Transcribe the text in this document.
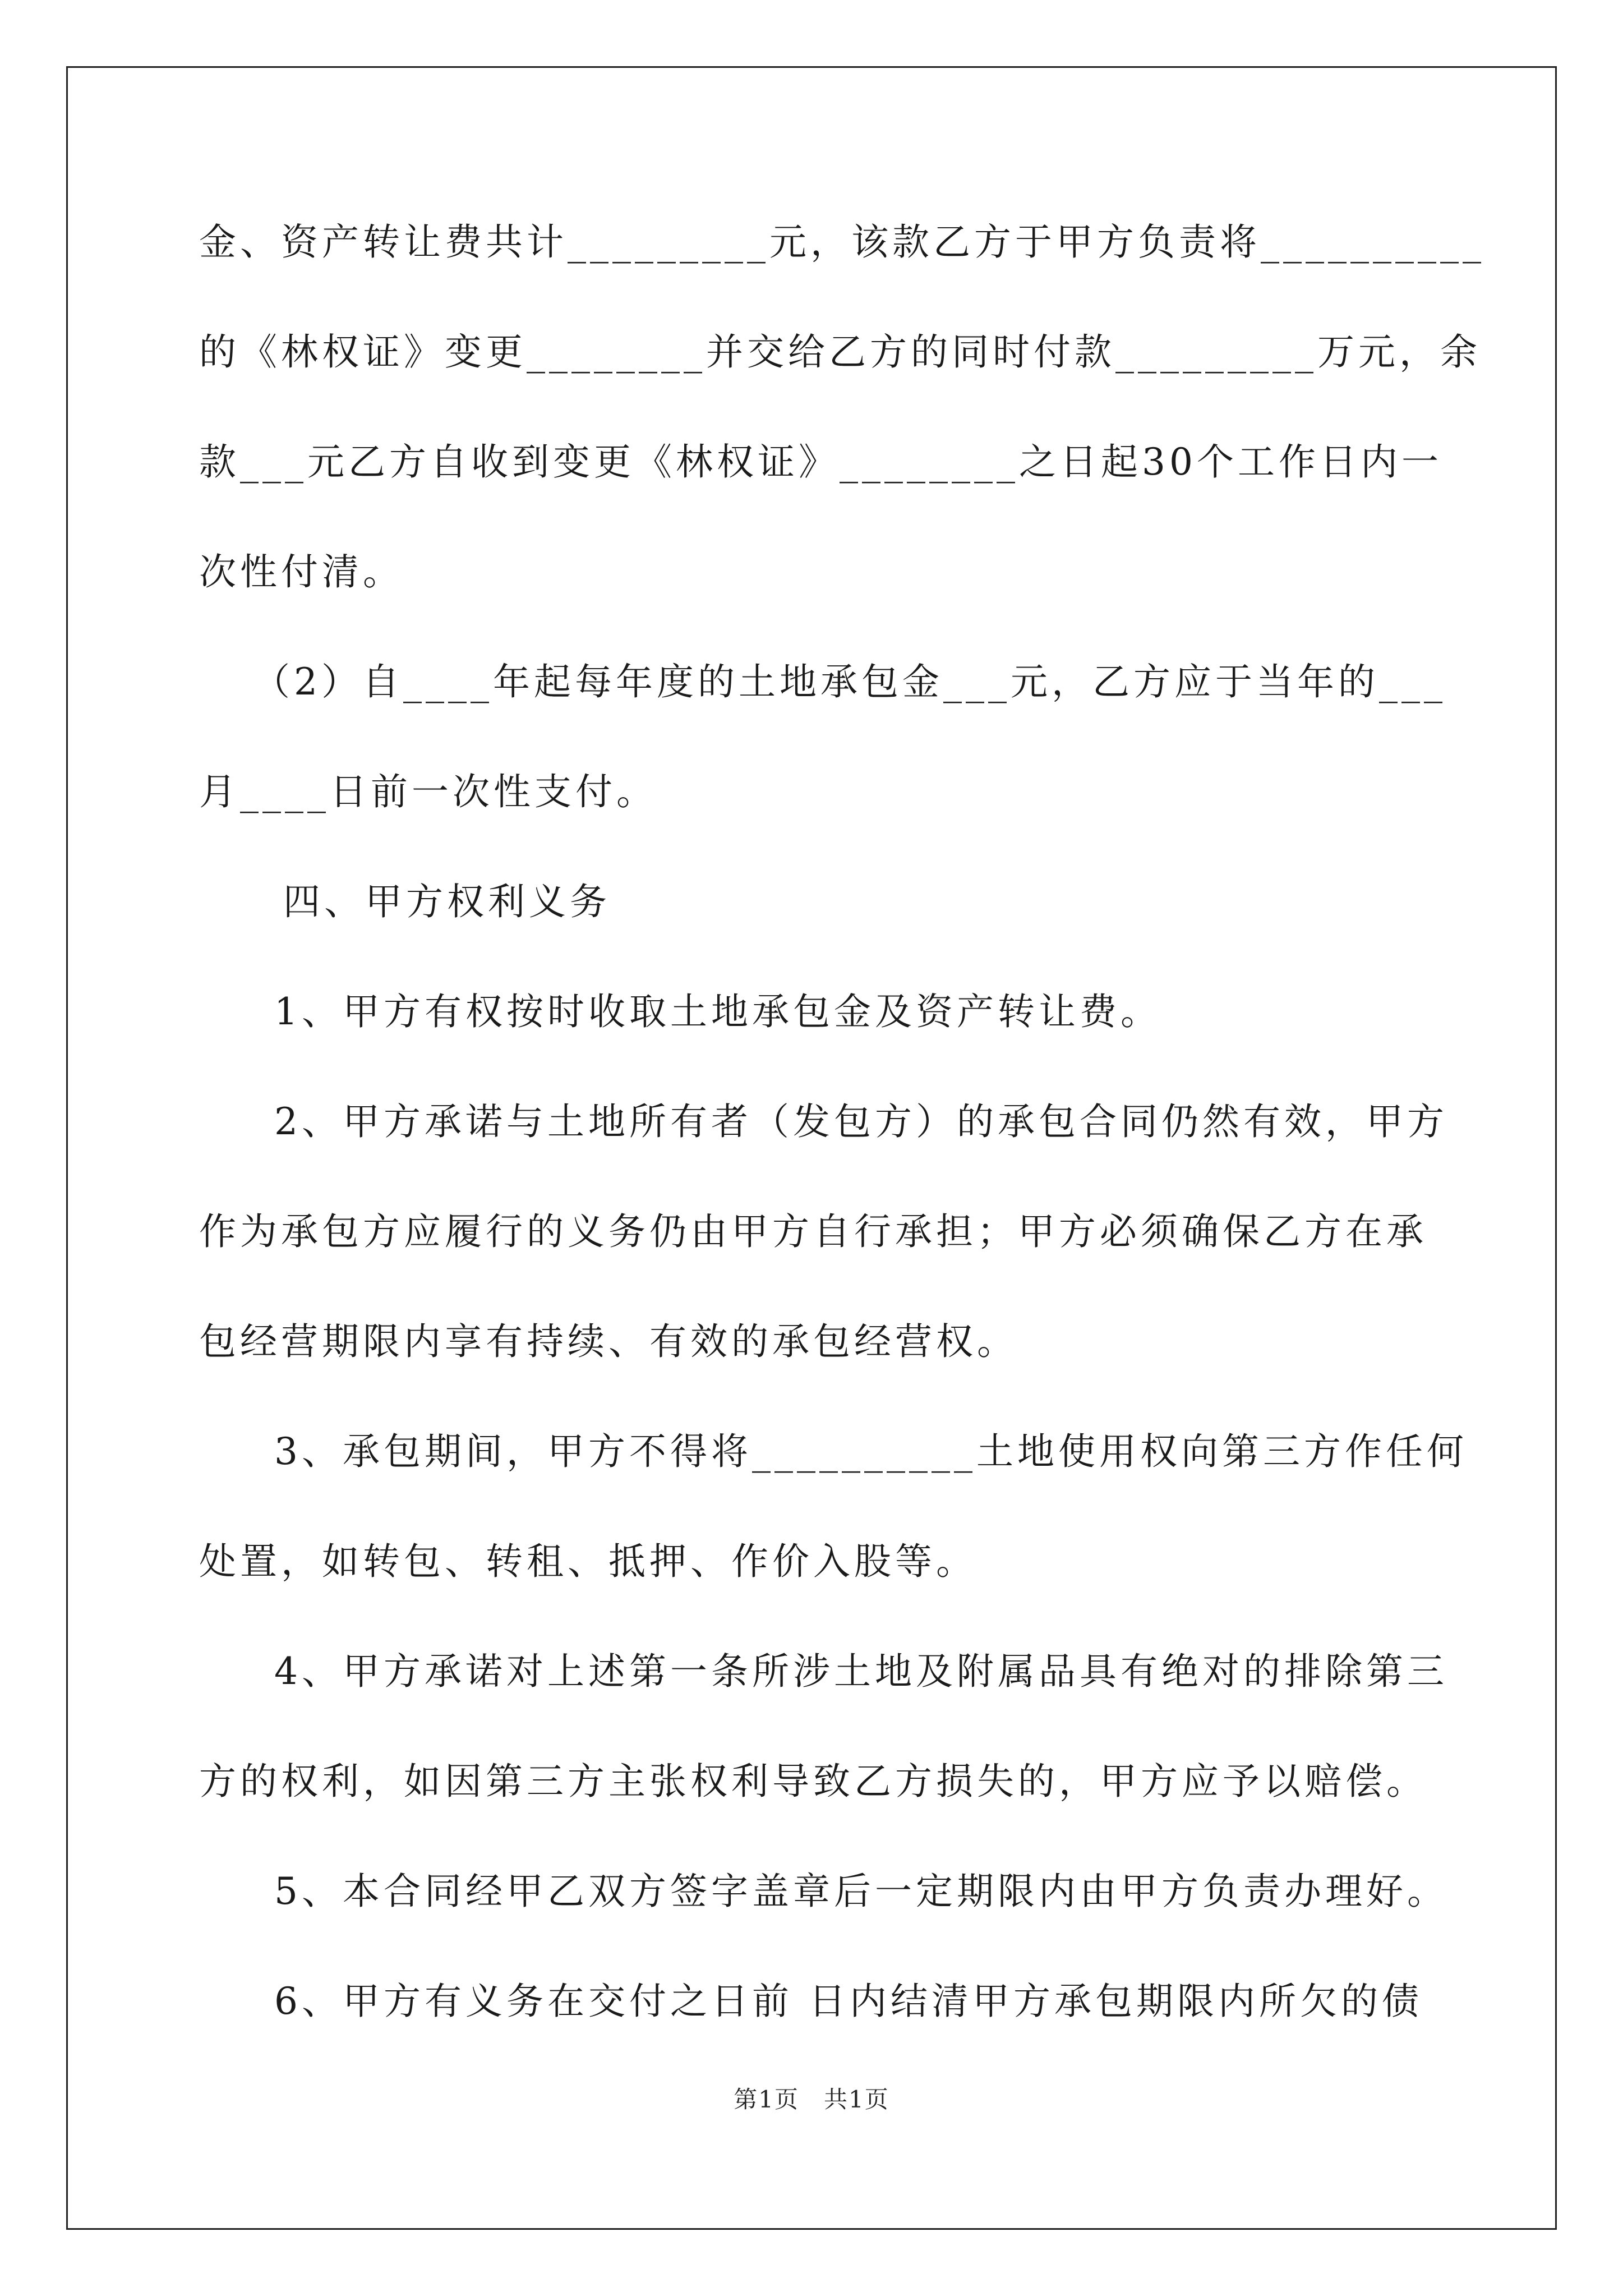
金、资产转让费共计_________元，该款乙方于甲方负责将__________
的《林权证》变更________并交给乙方的同时付款_________万元，余
款___元乙方自收到变更《林权证》________之日起30个工作日内一
次性付清。
（2）自____年起每年度的土地承包金___元，乙方应于当年的___
月____日前一次性支付。
四、甲方权利义务
1、甲方有权按时收取土地承包金及资产转让费。
2、甲方承诺与土地所有者（发包方）的承包合同仍然有效，甲方
作为承包方应履行的义务仍由甲方自行承担；甲方必须确保乙方在承
包经营期限内享有持续、有效的承包经营权。
3、承包期间，甲方不得将__________土地使用权向第三方作任何
处置，如转包、转租、抵押、作价入股等。
4、甲方承诺对上述第一条所涉土地及附属品具有绝对的排除第三
方的权利，如因第三方主张权利导致乙方损失的，甲方应予以赔偿。
5、本合同经甲乙双方签字盖章后一定期限内由甲方负责办理好。
6、甲方有义务在交付之日前 日内结清甲方承包期限内所欠的债
第1页　共1页
